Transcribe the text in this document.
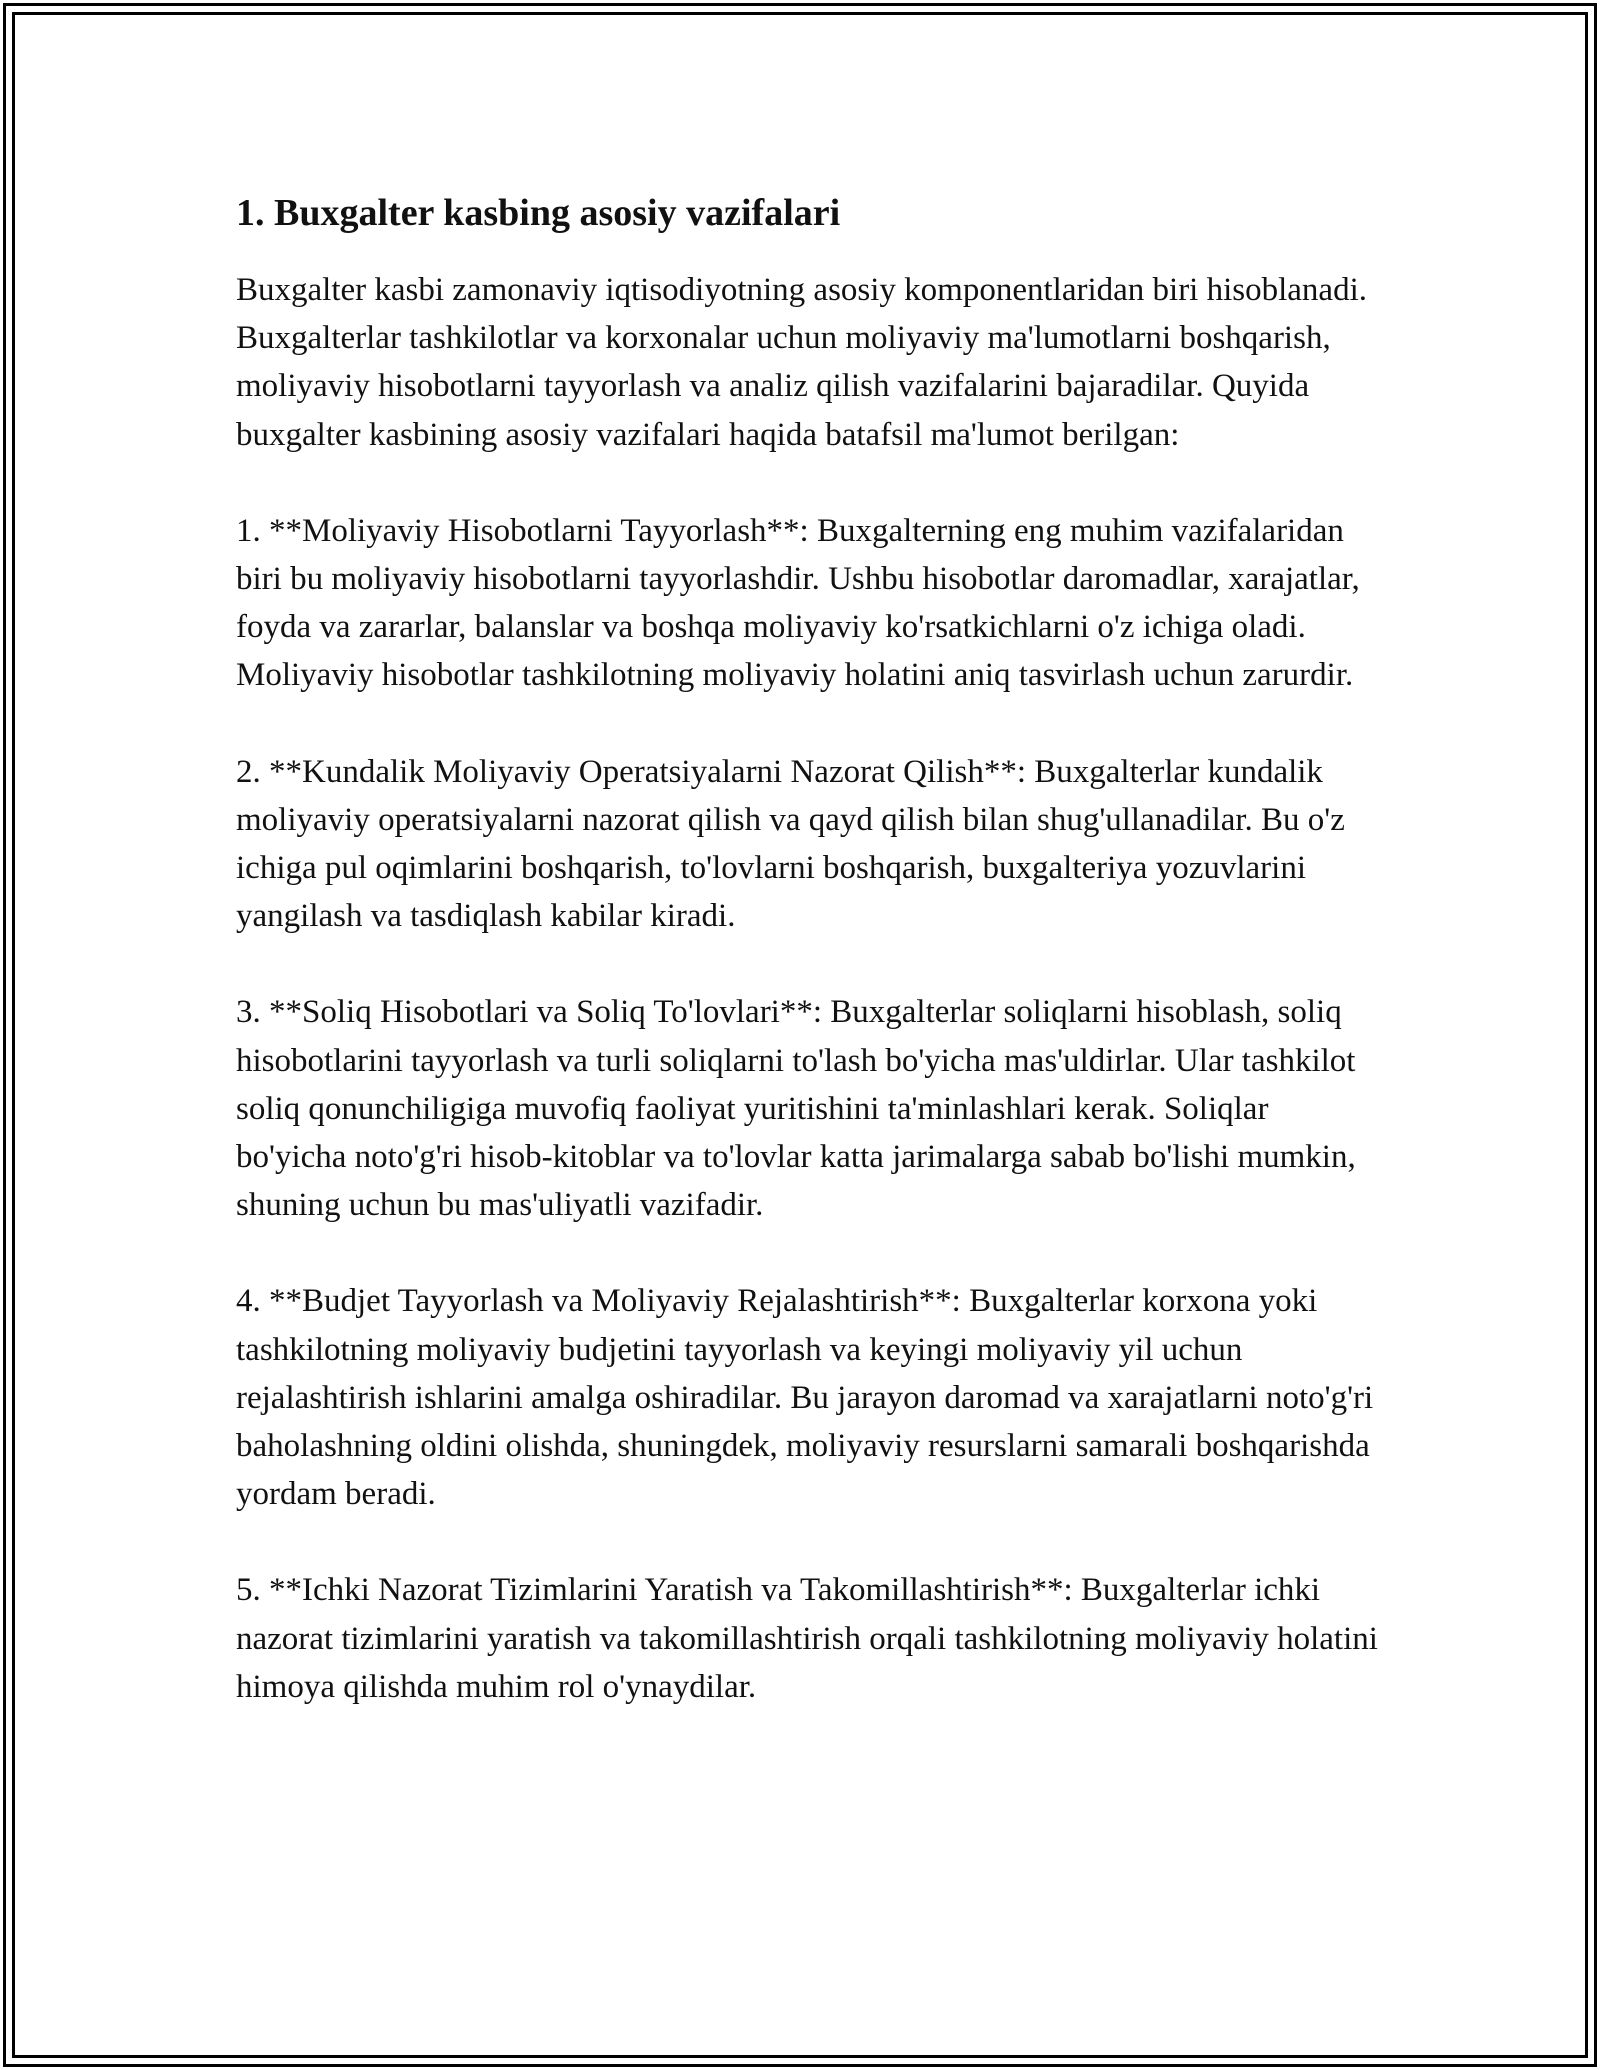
1. Buxgalter kasbing asosiy vazifalari

Buxgalter kasbi zamonaviy iqtisodiyotning asosiy komponentlaridan biri hisoblanadi. Buxgalterlar tashkilotlar va korxonalar uchun moliyaviy ma'lumotlarni boshqarish, moliyaviy hisobotlarni tayyorlash va analiz qilish vazifalarini bajaradilar. Quyida buxgalter kasbining asosiy vazifalari haqida batafsil ma'lumot berilgan:

1. **Moliyaviy Hisobotlarni Tayyorlash**: Buxgalterning eng muhim vazifalaridan biri bu moliyaviy hisobotlarni tayyorlashdir. Ushbu hisobotlar daromadlar, xarajatlar, foyda va zararlar, balanslar va boshqa moliyaviy ko'rsatkichlarni o'z ichiga oladi. Moliyaviy hisobotlar tashkilotning moliyaviy holatini aniq tasvirlash uchun zarurdir.

2. **Kundalik Moliyaviy Operatsiyalarni Nazorat Qilish**: Buxgalterlar kundalik moliyaviy operatsiyalarni nazorat qilish va qayd qilish bilan shug'ullanadilar. Bu o'z ichiga pul oqimlarini boshqarish, to'lovlarni boshqarish, buxgalteriya yozuvlarini yangilash va tasdiqlash kabilar kiradi.

3. **Soliq Hisobotlari va Soliq To'lovlari**: Buxgalterlar soliqlarni hisoblash, soliq hisobotlarini tayyorlash va turli soliqlarni to'lash bo'yicha mas'uldirlar. Ular tashkilot soliq qonunchiligiga muvofiq faoliyat yuritishini ta'minlashlari kerak. Soliqlar bo'yicha noto'g'ri hisob-kitoblar va to'lovlar katta jarimalarga sabab bo'lishi mumkin, shuning uchun bu mas'uliyatli vazifadir.

4. **Budjet Tayyorlash va Moliyaviy Rejalashtirish**: Buxgalterlar korxona yoki tashkilotning moliyaviy budjetini tayyorlash va keyingi moliyaviy yil uchun rejalashtirish ishlarini amalga oshiradilar. Bu jarayon daromad va xarajatlarni noto'g'ri baholashning oldini olishda, shuningdek, moliyaviy resurslarni samarali boshqarishda yordam beradi.

5. **Ichki Nazorat Tizimlarini Yaratish va Takomillashtirish**: Buxgalterlar ichki nazorat tizimlarini yaratish va takomillashtirish orqali tashkilotning moliyaviy holatini himoya qilishda muhim rol o'ynaydilar.
